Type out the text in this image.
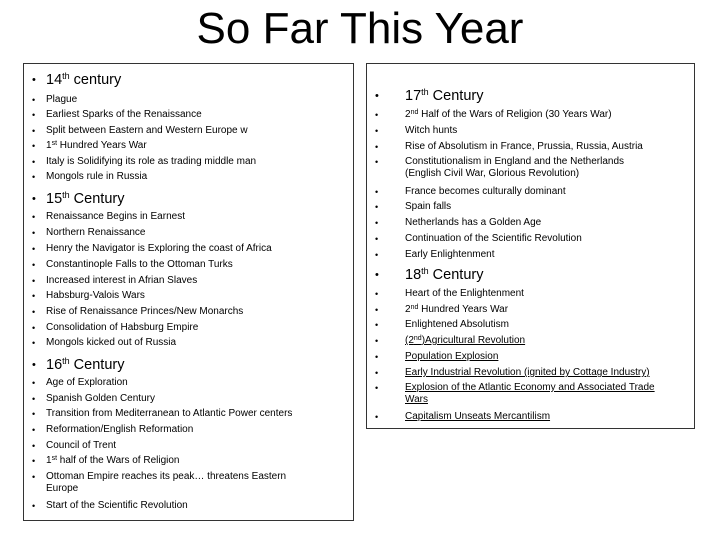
So Far This Year
• 14th century
•	Plague
•	Earliest Sparks of the Renaissance
•	Split between Eastern and Western Europe w
•	1st Hundred Years War
•	Italy is Solidifying its role as trading middle man
•	Mongols rule in Russia
• 15th Century
•	Renaissance Begins in Earnest
•	Northern Renaissance
•	Henry the Navigator is Exploring the coast of Africa
•	Constantinople Falls to the Ottoman Turks
•	Increased interest in Afrian Slaves
•	Habsburg-Valois Wars
•	Rise of Renaissance Princes/New Monarchs
•	Consolidation of Habsburg Empire
•	Mongols kicked out of Russia
• 16th Century
•	Age of Exploration
•	Spanish Golden Century
•	Transition from Mediterranean to Atlantic Power centers
•	Reformation/English Reformation
•	Council of Trent
•	1st half of the Wars of Religion
•	Ottoman Empire reaches its peak… threatens Eastern
Europe
•	Start of the Scientific Revolution
•	17th Century
•	2nd Half of the Wars of Religion (30 Years War)
•	Witch hunts
•	Rise of Absolutism in France, Prussia, Russia, Austria
•	Constitutionalism in England and the Netherlands
(English Civil War, Glorious Revolution)
•	France becomes culturally dominant
•	Spain falls
•	Netherlands has a Golden Age
•	Continuation of the Scientific Revolution
•	Early Enlightenment
•	18th Century
•	Heart of the Enlightenment
•	2nd Hundred Years War
•	Enlightened Absolutism
•	(2nd)Agricultural Revolution
•	Population Explosion
•	Early Industrial Revolution (ignited by Cottage Industry)
•	Explosion of the Atlantic Economy and Associated Trade
Wars
•	Capitalism Unseats Mercantilism
